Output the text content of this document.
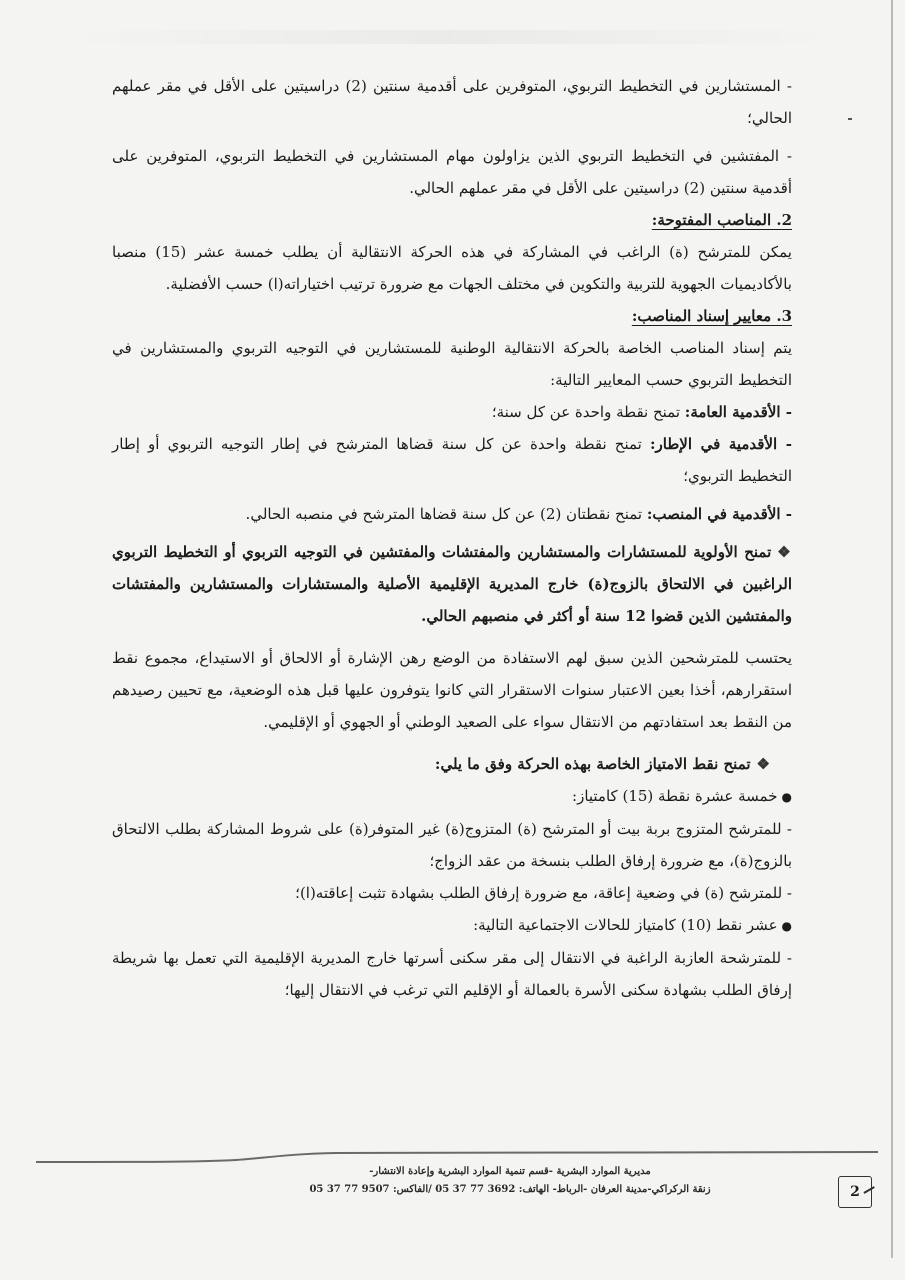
- المستشارين في التخطيط التربوي، المتوفرين على أقدمية سنتين (2) دراسيتين على الأقل في مقر عملهم الحالي؛

- المفتشين في التخطيط التربوي الذين يزاولون مهام المستشارين في التخطيط التربوي، المتوفرين على أقدمية سنتين (2) دراسيتين على الأقل في مقر عملهم الحالي.

2. المناصب المفتوحة:

يمكن للمترشح (ة) الراغب في المشاركة في هذه الحركة الانتقالية أن يطلب خمسة عشر (15) منصبا بالأكاديميات الجهوية للتربية والتكوين في مختلف الجهات مع ضرورة ترتيب اختياراته(ا) حسب الأفضلية.

3. معايير إسناد المناصب:

يتم إسناد المناصب الخاصة بالحركة الانتقالية الوطنية للمستشارين في التوجيه التربوي والمستشارين في التخطيط التربوي حسب المعايير التالية:

- الأقدمية العامة: تمنح نقطة واحدة عن كل سنة؛

- الأقدمية في الإطار: تمنح نقطة واحدة عن كل سنة قضاها المترشح في إطار التوجيه التربوي أو إطار التخطيط التربوي؛

- الأقدمية في المنصب: تمنح نقطتان (2) عن كل سنة قضاها المترشح في منصبه الحالي.

❖تمنح الأولوية للمستشارات والمستشارين والمفتشات والمفتشين في التوجيه التربوي أو التخطيط التربوي الراغبين في الالتحاق بالزوج(ة) خارج المديرية الإقليمية الأصلية والمستشارات والمستشارين والمفتشات والمفتشين الذين قضوا 12 سنة أو أكثر في منصبهم الحالي.

يحتسب للمترشحين الذين سبق لهم الاستفادة من الوضع رهن الإشارة أو الالحاق أو الاستيداع، مجموع نقط استقرارهم، أخذا بعين الاعتبار سنوات الاستقرار التي كانوا يتوفرون عليها قبل هذه الوضعية، مع تحيين رصيدهم من النقط بعد استفادتهم من الانتقال سواء على الصعيد الوطني أو الجهوي أو الإقليمي.

❖تمنح نقط الامتياز الخاصة بهذه الحركة وفق ما يلي:

●خمسة عشرة نقطة (15) كامتياز:

- للمترشح المتزوج بربة بيت أو المترشح (ة) المتزوج(ة) غير المتوفر(ة) على شروط المشاركة بطلب الالتحاق بالزوج(ة)، مع ضرورة إرفاق الطلب بنسخة من عقد الزواج؛

- للمترشح (ة) في وضعية إعاقة، مع ضرورة إرفاق الطلب بشهادة تثبت إعاقته(ا)؛

●عشر نقط (10) كامتياز للحالات الاجتماعية التالية:

- للمترشحة العازبة الراغبة في الانتقال إلى مقر سكنى أسرتها خارج المديرية الإقليمية التي تعمل بها شريطة إرفاق الطلب بشهادة سكنى الأسرة بالعمالة أو الإقليم التي ترغب في الانتقال إليها؛

مديرية الموارد البشرية -قسم تنمية الموارد البشرية وإعادة الانتشار-
زنقة الركراكي-مدينة العرفان -الرباط- الهاتف: 3692 77 37 05 /الفاكس: 9507 77 37 05	2
